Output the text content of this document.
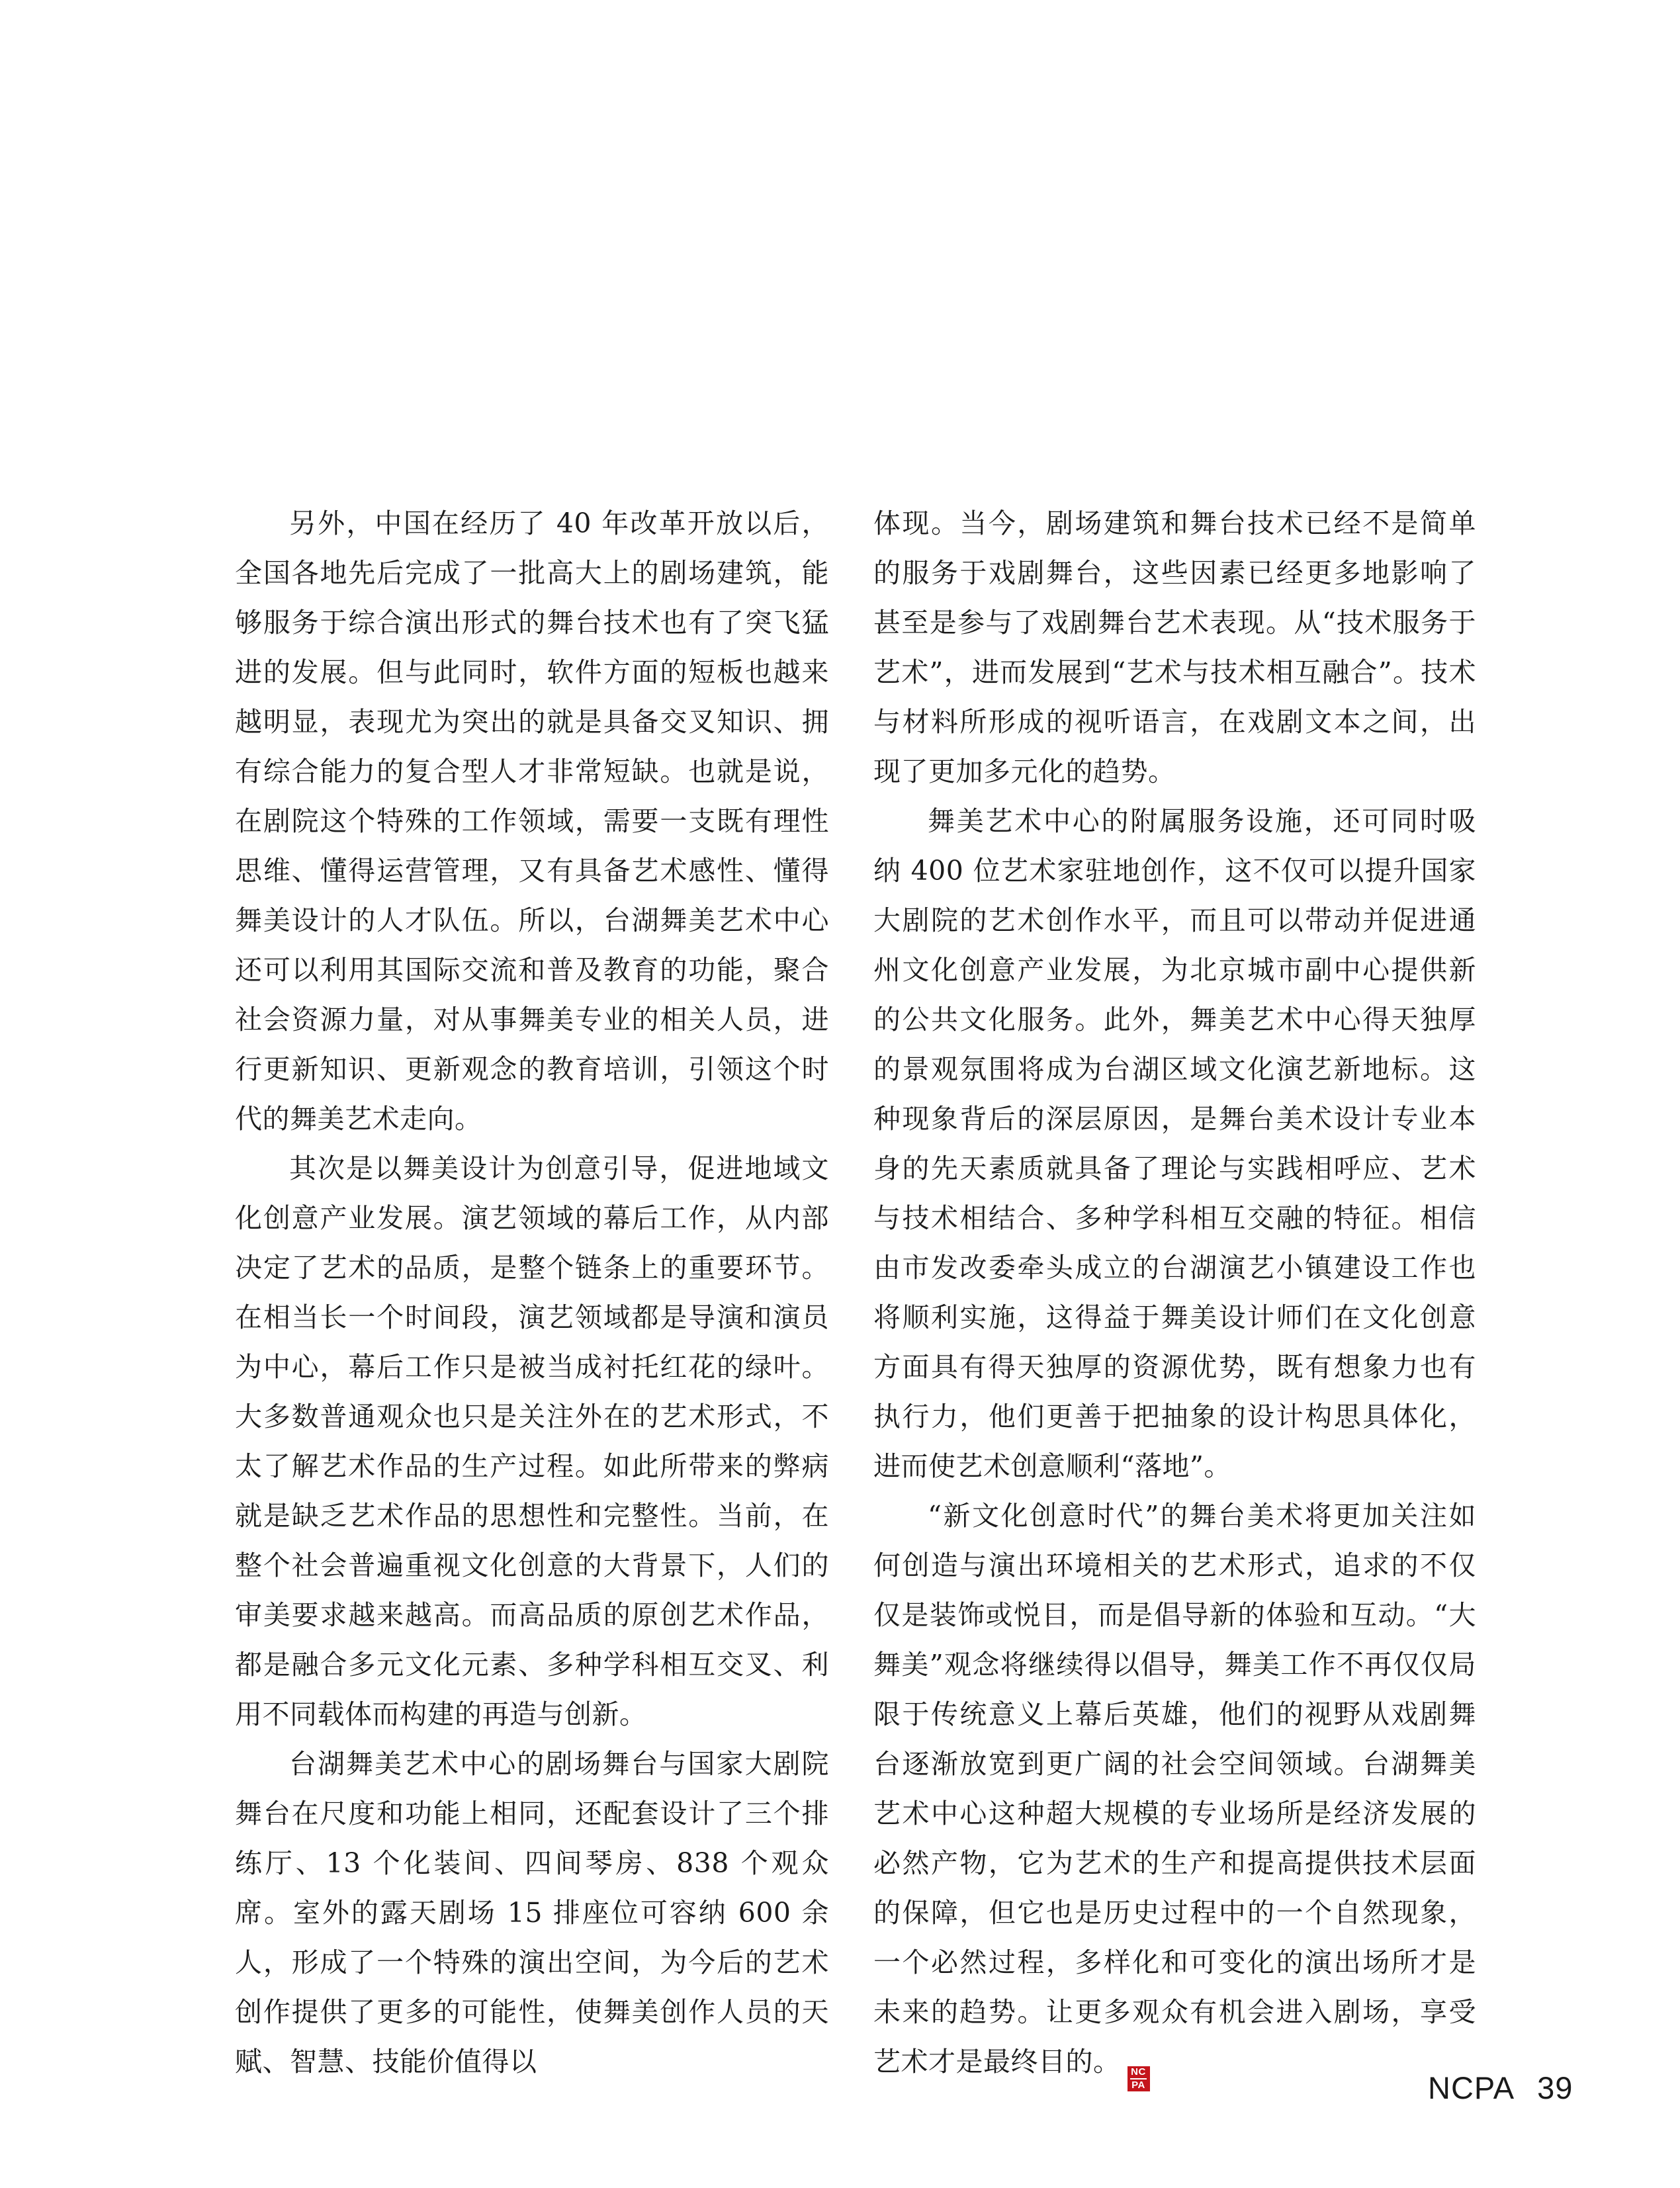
另外，中国在经历了 40 年改革开放以后，全国各地先后完成了一批高大上的剧场建筑，能够服务于综合演出形式的舞台技术也有了突飞猛进的发展。但与此同时，软件方面的短板也越来越明显，表现尤为突出的就是具备交叉知识、拥有综合能力的复合型人才非常短缺。也就是说，在剧院这个特殊的工作领域，需要一支既有理性思维、懂得运营管理，又有具备艺术感性、懂得舞美设计的人才队伍。所以，台湖舞美艺术中心还可以利用其国际交流和普及教育的功能，聚合社会资源力量，对从事舞美专业的相关人员，进行更新知识、更新观念的教育培训，引领这个时代的舞美艺术走向。

其次是以舞美设计为创意引导，促进地域文化创意产业发展。演艺领域的幕后工作，从内部决定了艺术的品质，是整个链条上的重要环节。在相当长一个时间段，演艺领域都是导演和演员为中心，幕后工作只是被当成衬托红花的绿叶。大多数普通观众也只是关注外在的艺术形式，不太了解艺术作品的生产过程。如此所带来的弊病就是缺乏艺术作品的思想性和完整性。当前，在整个社会普遍重视文化创意的大背景下，人们的审美要求越来越高。而高品质的原创艺术作品，都是融合多元文化元素、多种学科相互交叉、利用不同载体而构建的再造与创新。

台湖舞美艺术中心的剧场舞台与国家大剧院舞台在尺度和功能上相同，还配套设计了三个排练厅、13 个化装间、四间琴房、838 个观众席。室外的露天剧场 15 排座位可容纳 600 余人，形成了一个特殊的演出空间，为今后的艺术创作提供了更多的可能性，使舞美创作人员的天赋、智慧、技能价值得以

体现。当今，剧场建筑和舞台技术已经不是简单的服务于戏剧舞台，这些因素已经更多地影响了甚至是参与了戏剧舞台艺术表现。从“技术服务于艺术”，进而发展到“艺术与技术相互融合”。技术与材料所形成的视听语言，在戏剧文本之间，出现了更加多元化的趋势。

舞美艺术中心的附属服务设施，还可同时吸纳 400 位艺术家驻地创作，这不仅可以提升国家大剧院的艺术创作水平，而且可以带动并促进通州文化创意产业发展，为北京城市副中心提供新的公共文化服务。此外，舞美艺术中心得天独厚的景观氛围将成为台湖区域文化演艺新地标。这种现象背后的深层原因，是舞台美术设计专业本身的先天素质就具备了理论与实践相呼应、艺术与技术相结合、多种学科相互交融的特征。相信由市发改委牵头成立的台湖演艺小镇建设工作也将顺利实施，这得益于舞美设计师们在文化创意方面具有得天独厚的资源优势，既有想象力也有执行力，他们更善于把抽象的设计构思具体化，进而使艺术创意顺利“落地”。

“新文化创意时代”的舞台美术将更加关注如何创造与演出环境相关的艺术形式，追求的不仅仅是装饰或悦目，而是倡导新的体验和互动。“大舞美”观念将继续得以倡导，舞美工作不再仅仅局限于传统意义上幕后英雄，他们的视野从戏剧舞台逐渐放宽到更广阔的社会空间领域。台湖舞美艺术中心这种超大规模的专业场所是经济发展的必然产物，它为艺术的生产和提高提供技术层面的保障，但它也是历史过程中的一个自然现象，一个必然过程，多样化和可变化的演出场所才是未来的趋势。让更多观众有机会进入剧场，享受艺术才是最终目的。
$\frac{NC}{PA}$	NCPA 39
